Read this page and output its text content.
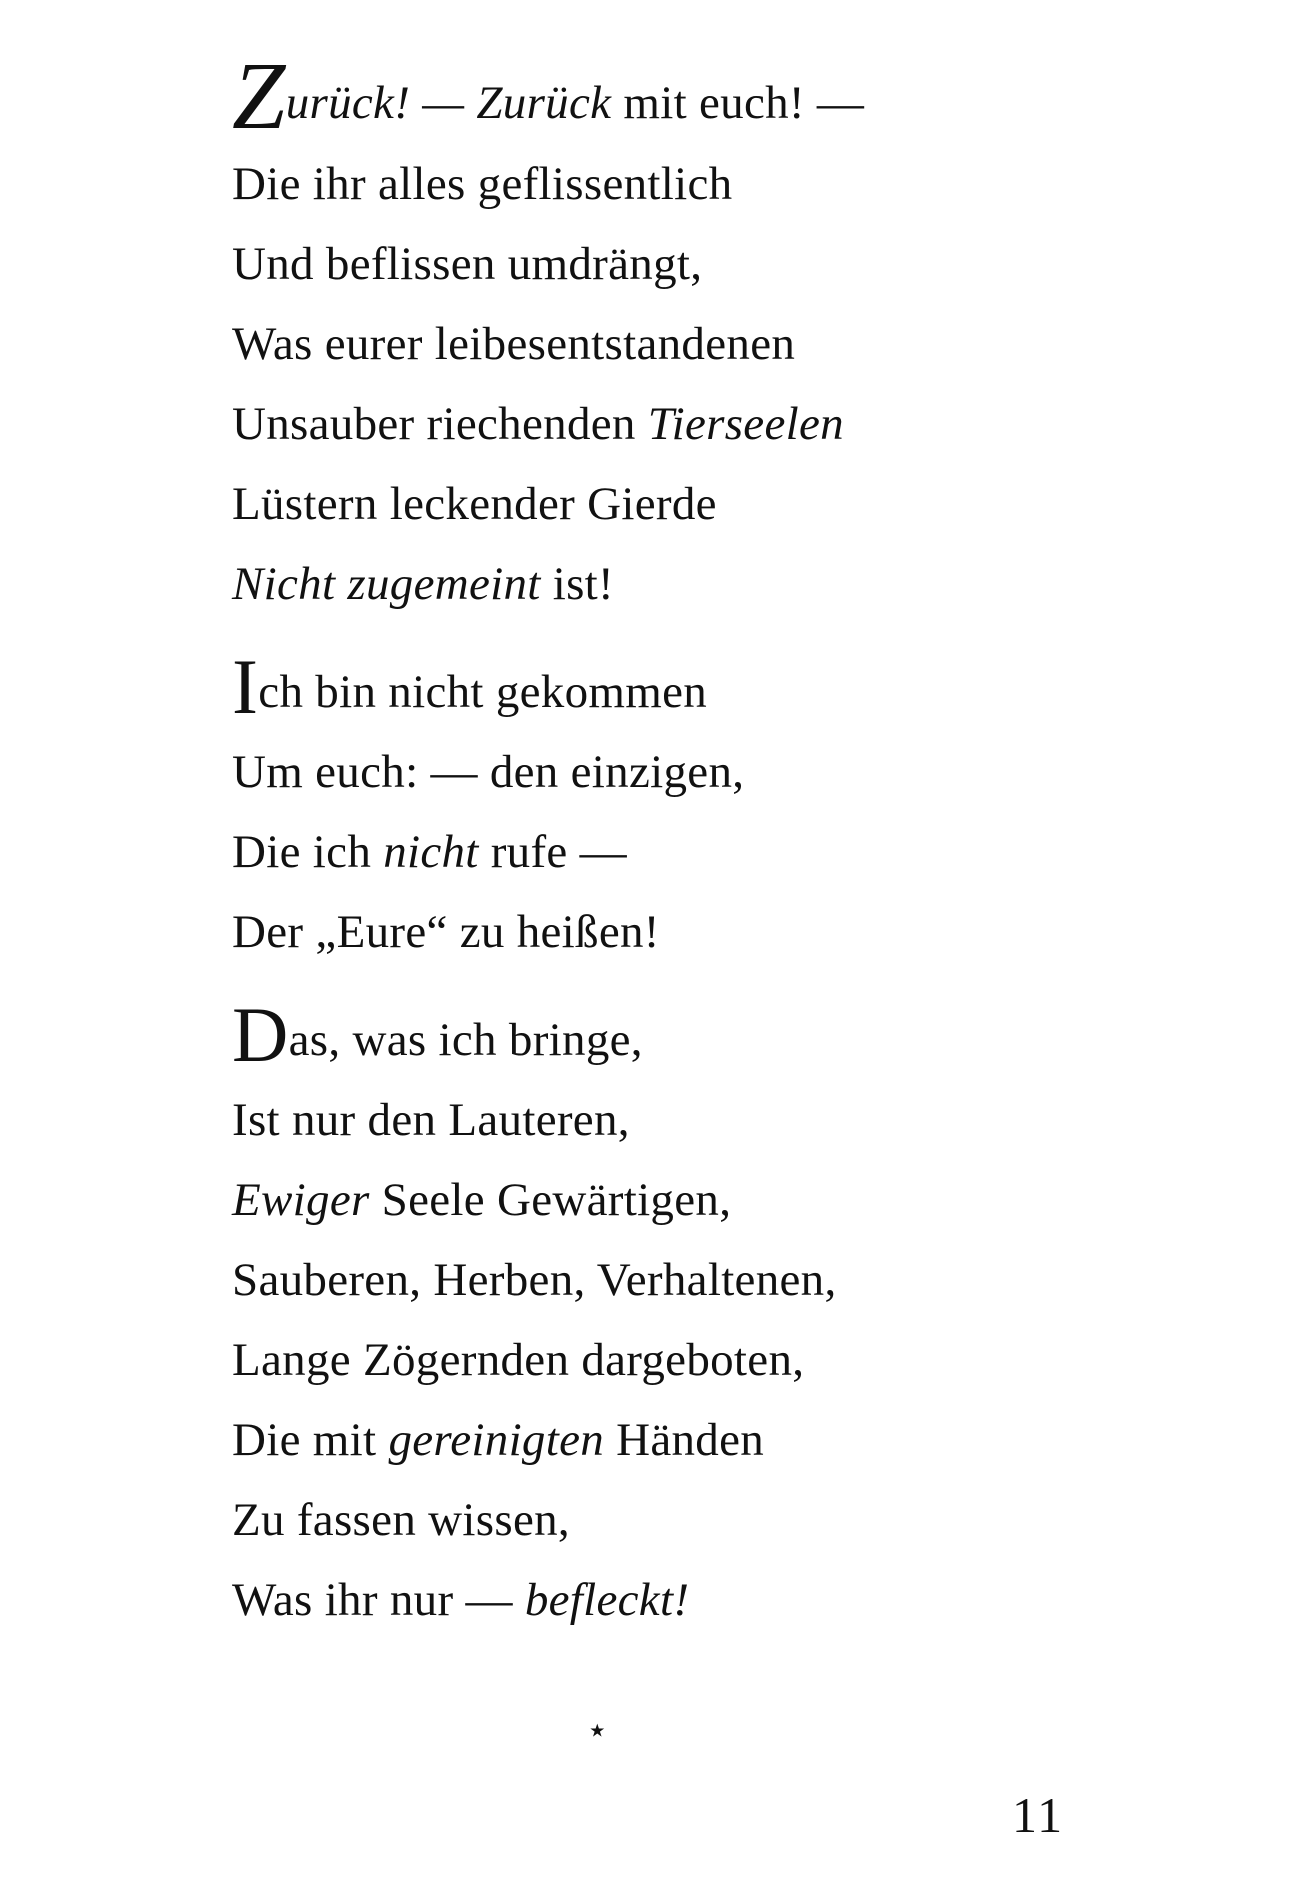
Zurück! — Zurück mit euch! —
Die ihr alles geflissentlich
Und beflissen umdrängt,
Was eurer leibesentstandenen
Unsauber riechenden Tierseelen
Lüstern leckender Gierde
Nicht zugemeint ist!
Ich bin nicht gekommen
Um euch: — den einzigen,
Die ich nicht rufe —
Der „Eure“ zu heißen!
Das, was ich bringe,
Ist nur den Lauteren,
Ewiger Seele Gewärtigen,
Sauberen, Herben, Verhaltenen,
Lange Zögernden dargeboten,
Die mit gereinigten Händen
Zu fassen wissen,
Was ihr nur — befleckt!
⋆
11
